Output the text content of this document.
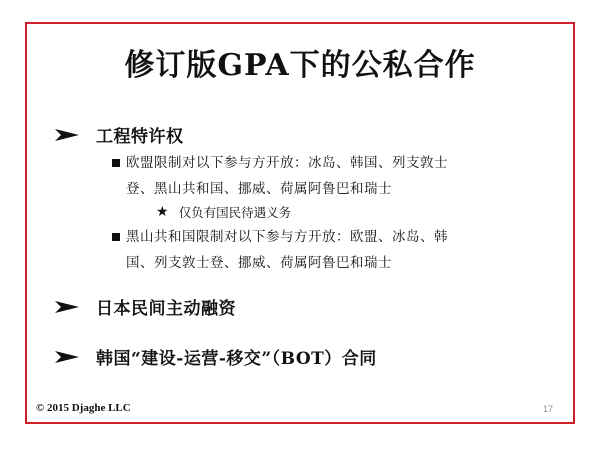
修订版GPA下的公私合作
工程特许权
欧盟限制对以下参与方开放：冰岛、韩国、列支敦士
登、黑山共和国、挪威、荷属阿鲁巴和瑞士
★ 仅负有国民待遇义务
黑山共和国限制对以下参与方开放：欧盟、冰岛、韩
国、列支敦士登、挪威、荷属阿鲁巴和瑞士
日本民间主动融资
韩国“建设-运营-移交”（BOT）合同
© 2015 Djaghe LLC	17
